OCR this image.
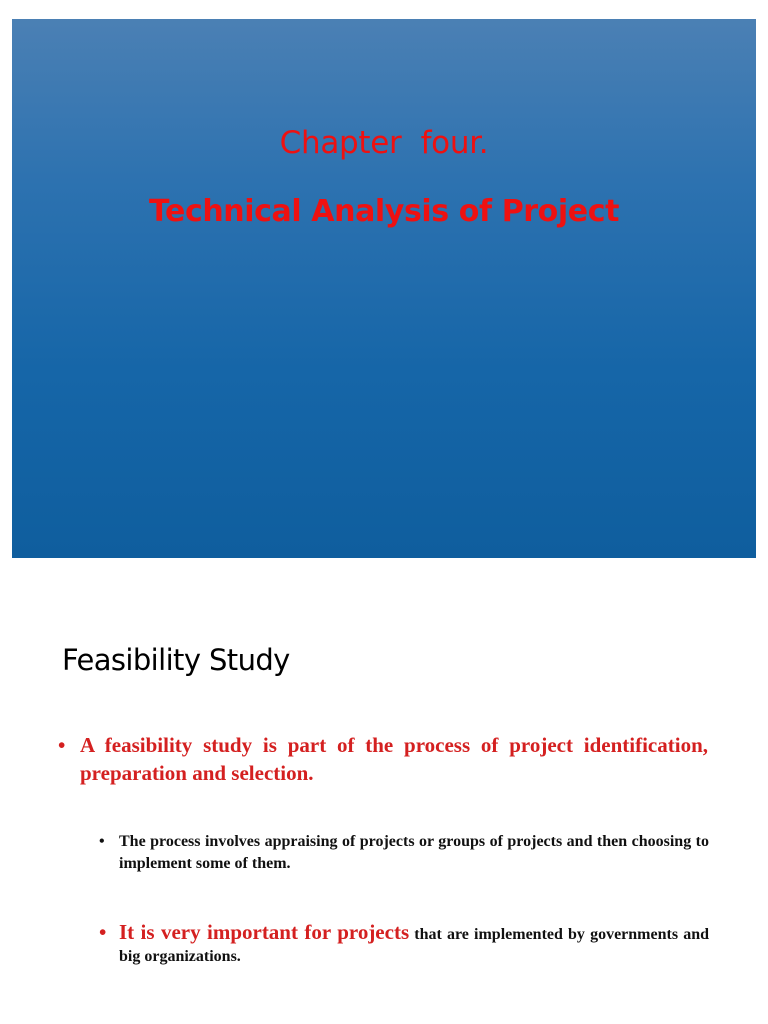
Chapter  four.
Technical Analysis of Project
Feasibility Study
• A feasibility study is part of the process of project identification, preparation and selection.
• The process involves appraising of projects or groups of projects and then choosing to implement some of them.
• It is very important for projects that are implemented by governments and big organizations.
